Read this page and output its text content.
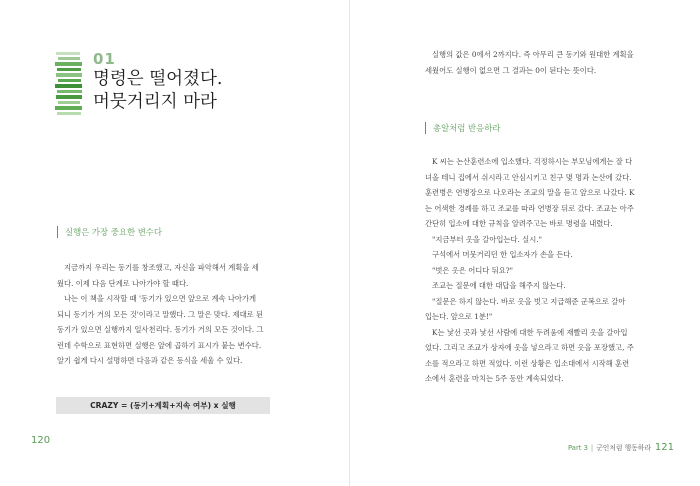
01
명령은 떨어졌다.
머뭇거리지 마라
실행은 가장 중요한 변수다

지금까지 우리는 동기를 창조했고, 자신을 파악해서 계획을 세

웠다. 이제 다음 단계로 나아가야 할 때다.

나는 이 책을 시작할 때 '동기가 있으면 앞으로 계속 나아가게

되니 동기가 거의 모든 것'이라고 말했다. 그 말은 맞다. 제대로 된

동기가 있으면 실행까지 일사천리다. 동기가 거의 모든 것이다. 그

런데 수학으로 표현하면 실행은 앞에 곱하기 표시가 붙는 변수다.

알기 쉽게 다시 설명하면 다음과 같은 등식을 세울 수 있다.

CRAZY = (동기+계획+지속 여부) x 실행
120

실행의 값은 0에서 2까지다. 즉 아무리 큰 동기와 원대한 계획을

세웠어도 실행이 없으면 그 결과는 0이 된다는 뜻이다.

총알처럼 반응하라

K 씨는 논산훈련소에 입소했다. 걱정하시는 부모님에게는 잘 다

녀올 테니 집에서 쉬시라고 안심시키고 친구 몇 명과 논산에 갔다.

훈련병은 연병장으로 나오라는 조교의 말을 듣고 앞으로 나갔다. K

는 어색한 경례를 하고 조교를 따라 연병장 뒤로 갔다. 조교는 아주

간단히 입소에 대한 규칙을 알려주고는 바로 명령을 내렸다.

"지금부터 옷을 갈아입는다. 실시."

구석에서 머뭇거리던 한 입소자가 손을 든다.

"벗은 옷은 어디다 둬요?"

조교는 질문에 대한 대답을 해주지 않는다.

"질문은 하지 않는다. 바로 옷을 벗고 지급해준 군복으로 갈아

입는다. 앞으로 1분!"

K는 낯선 곳과 낯선 사람에 대한 두려움에 재빨리 옷을 갈아입

었다. 그리고 조교가 상자에 옷을 넣으라고 하면 옷을 포장했고, 주

소를 적으라고 하면 적었다. 이런 상황은 입소대에서 시작해 훈련

소에서 훈련을 마치는 5주 동안 계속되었다.

Part 3 | 군인처럼 행동하라 121
